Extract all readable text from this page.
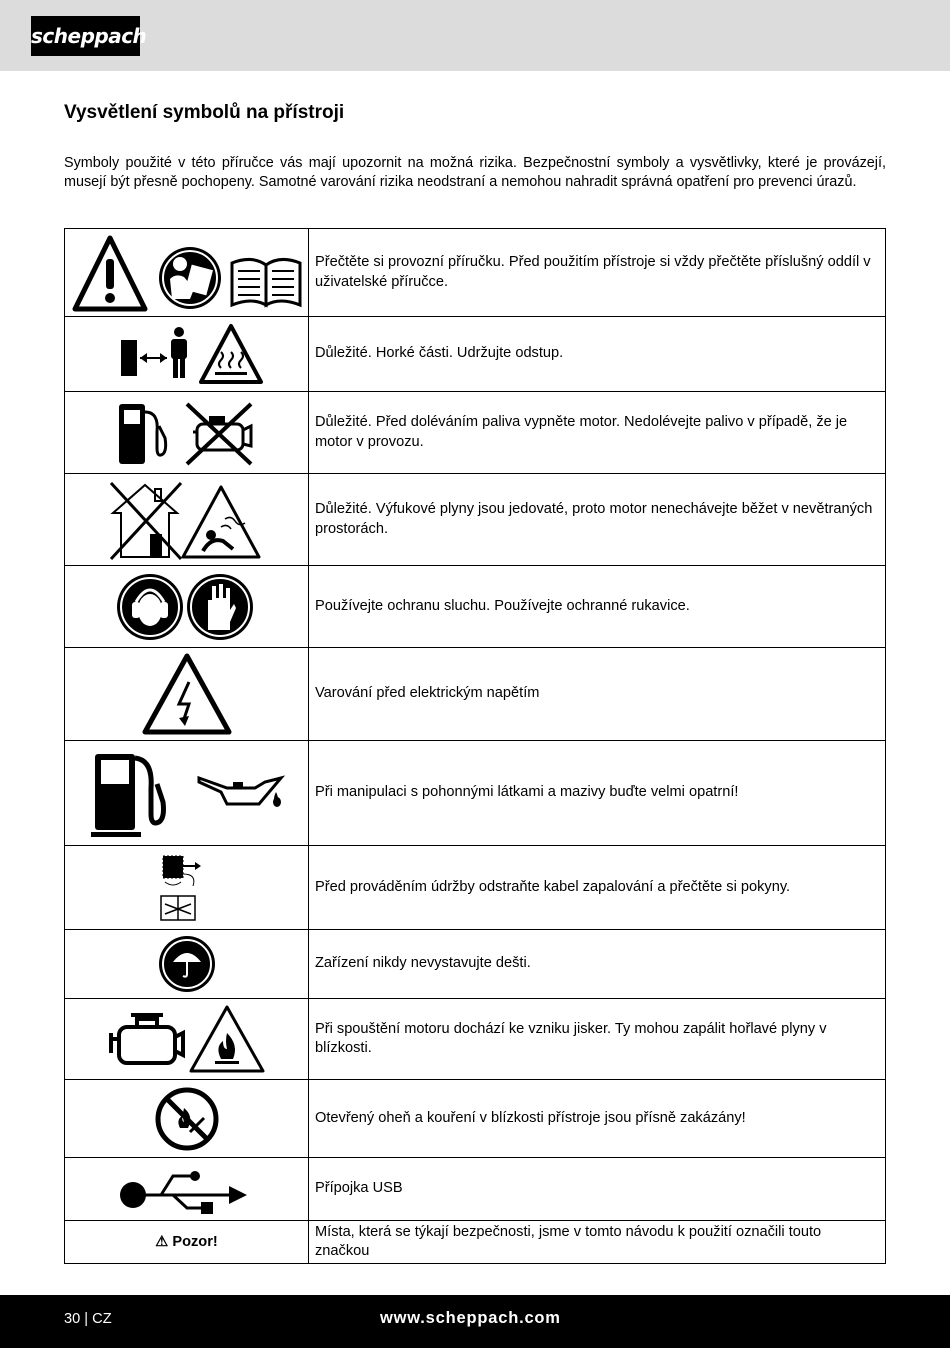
scheppach
Vysvětlení symbolů na přístroji
Symboly použité v této příručce vás mají upozornit na možná rizika. Bezpečnostní symboly a vysvětlivky, které je provázejí, musejí být přesně pochopeny. Samotné varování rizika neodstraní a nemohou nahradit správná opatření pro prevenci úrazů.
	Přečtěte si provozní příručku. Před použitím přístroje si vždy přečtěte příslušný oddíl v uživatelské příručce.

	Důležité. Horké části. Udržujte odstup.

	Důležité. Před doléváním paliva vypněte motor. Nedolévejte palivo v případě, že je motor v provozu.

	Důležité. Výfukové plyny jsou jedovaté, proto motor nenechávejte běžet v nevětraných prostorách.

	Používejte ochranu sluchu. Používejte ochranné rukavice.

	Varování před elektrickým napětím

	Při manipulaci s pohonnými látkami a mazivy buďte velmi opatrní!

	Před prováděním údržby odstraňte kabel zapalování a přečtěte si pokyny.

	Zařízení nikdy nevystavujte dešti.

	Při spouštění motoru dochází ke vzniku jisker. Ty mohou zapálit hořlavé plyny v blízkosti.

	Otevřený oheň a kouření v blízkosti přístroje jsou přísně zakázány!

	Přípojka USB
⚠ Pozor!	Místa, která se týkají bezpečnosti, jsme v tomto návodu k použití označili touto značkou
30 | CZ	www.scheppach.com
